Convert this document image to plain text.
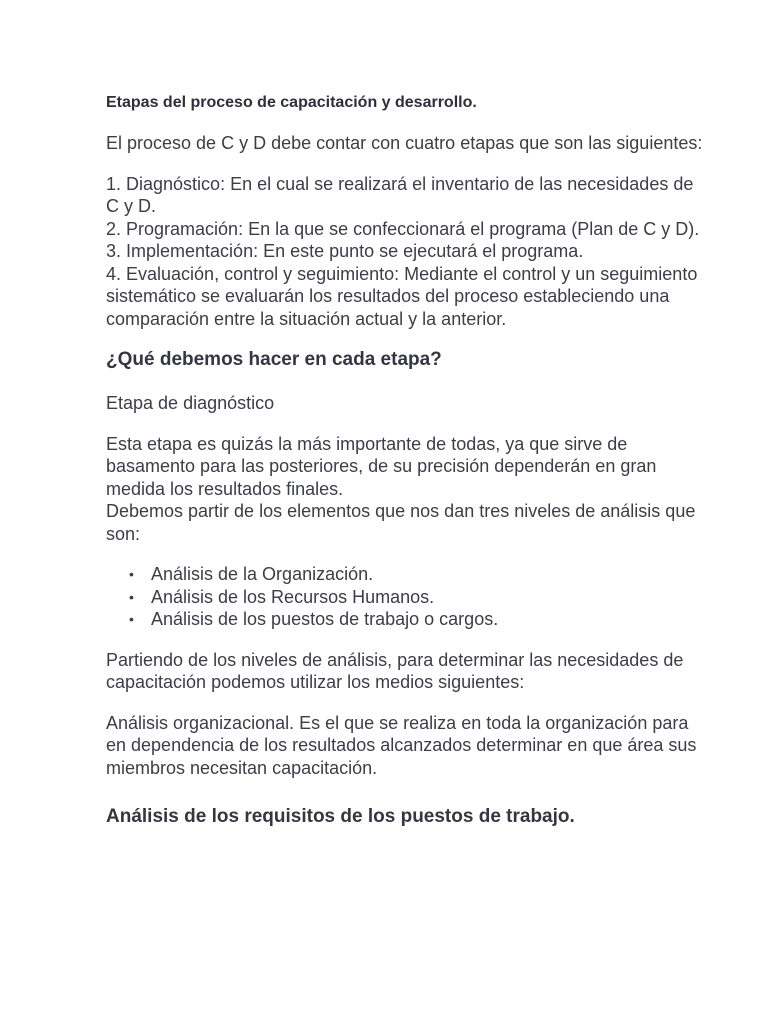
Etapas del proceso de capacitación y desarrollo.

El proceso de C y D debe contar con cuatro etapas que son las siguientes:

1. Diagnóstico: En el cual se realizará el inventario de las necesidades de C y D.
2. Programación: En la que se confeccionará el programa (Plan de C y D).
3. Implementación: En este punto se ejecutará el programa.
4. Evaluación, control y seguimiento: Mediante el control y un seguimiento sistemático se evaluarán los resultados del proceso estableciendo una comparación entre la situación actual y la anterior.
¿Qué debemos hacer en cada etapa?

Etapa de diagnóstico

Esta etapa es quizás la más importante de todas, ya que sirve de basamento para las posteriores, de su precisión dependerán en gran medida los resultados finales.

Debemos partir de los elementos que nos dan tres niveles de análisis que son:

• Análisis de la Organización.
• Análisis de los Recursos Humanos.
• Análisis de los puestos de trabajo o cargos.

Partiendo de los niveles de análisis, para determinar las necesidades de capacitación podemos utilizar los medios siguientes:

Análisis organizacional. Es el que se realiza en toda la organización para en dependencia de los resultados alcanzados determinar en que área sus miembros necesitan capacitación.

Análisis de los requisitos de los puestos de trabajo.
